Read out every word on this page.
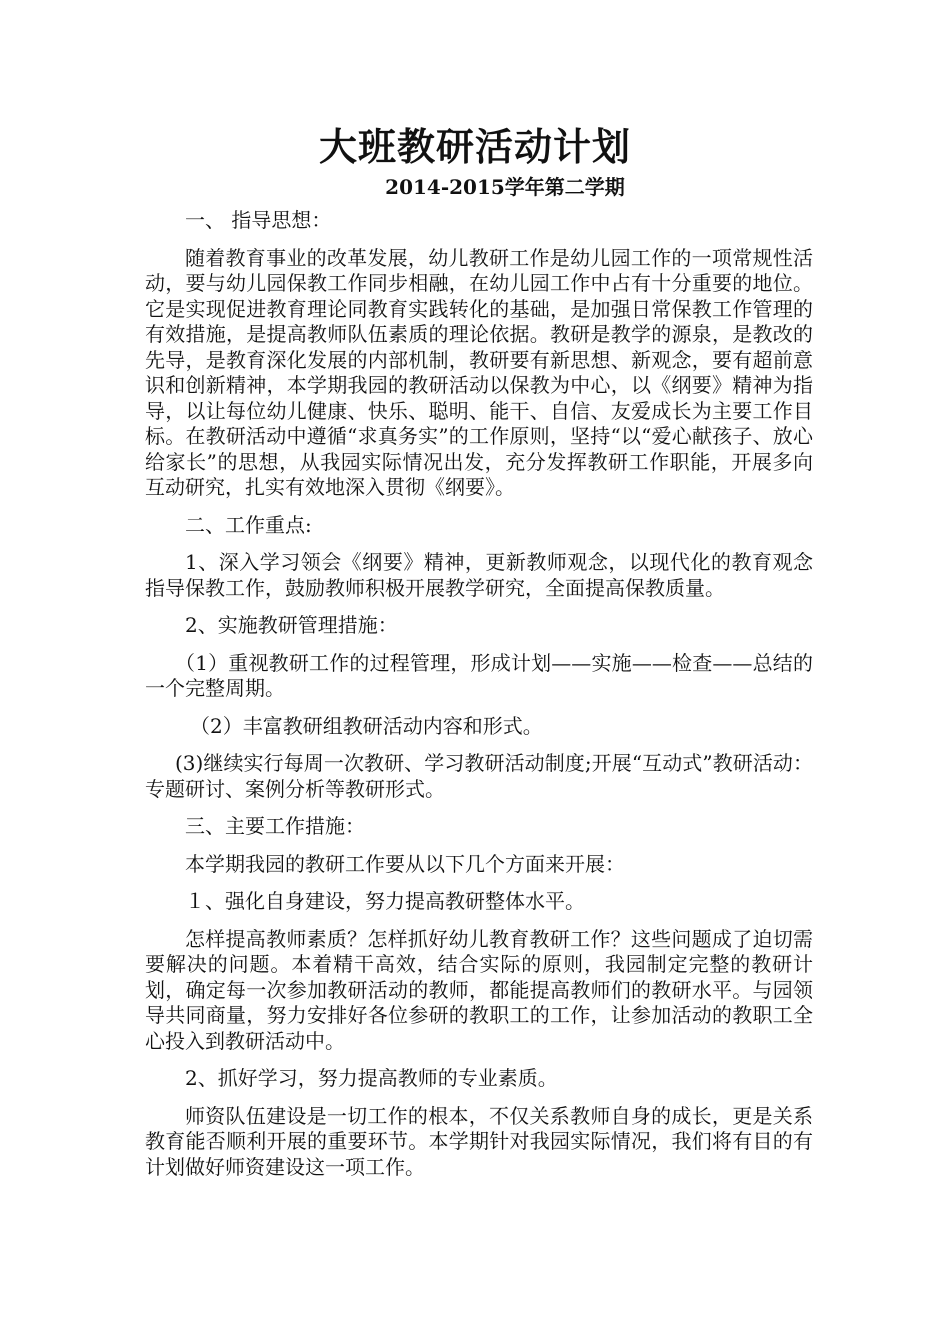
大班教研活动计划
2014-2015学年第二学期

一、 指导思想：

随着教育事业的改革发展，幼儿教研工作是幼儿园工作的一项常规性活动，要与幼儿园保教工作同步相融，在幼儿园工作中占有十分重要的地位。它是实现促进教育理论同教育实践转化的基础，是加强日常保教工作管理的有效措施，是提高教师队伍素质的理论依据。教研是教学的源泉，是教改的先导，是教育深化发展的内部机制，教研要有新思想、新观念，要有超前意识和创新精神，本学期我园的教研活动以保教为中心，以《纲要》精神为指导，以让每位幼儿健康、快乐、聪明、能干、自信、友爱成长为主要工作目标。在教研活动中遵循“求真务实”的工作原则，坚持“以“爱心献孩子、放心给家长”的思想，从我园实际情况出发，充分发挥教研工作职能，开展多向互动研究，扎实有效地深入贯彻《纲要》。

二、工作重点:

1、深入学习领会《纲要》精神，更新教师观念，以现代化的教育观念指导保教工作，鼓励教师积极开展教学研究，全面提高保教质量。

2、实施教研管理措施：

（1）重视教研工作的过程管理，形成计划——实施——检查——总结的一个完整周期。

（2）丰富教研组教研活动内容和形式。

(3)继续实行每周一次教研、学习教研活动制度;开展“互动式”教研活动：专题研讨、案例分析等教研形式。

三、主要工作措施：

本学期我园的教研工作要从以下几个方面来开展：

１、强化自身建设，努力提高教研整体水平。

怎样提高教师素质？怎样抓好幼儿教育教研工作？这些问题成了迫切需要解决的问题。本着精干高效，结合实际的原则，我园制定完整的教研计划，确定每一次参加教研活动的教师，都能提高教师们的教研水平。与园领导共同商量，努力安排好各位参研的教职工的工作，让参加活动的教职工全心投入到教研活动中。

2、抓好学习，努力提高教师的专业素质。

师资队伍建设是一切工作的根本，不仅关系教师自身的成长，更是关系教育能否顺利开展的重要环节。本学期针对我园实际情况，我们将有目的有计划做好师资建设这一项工作。
